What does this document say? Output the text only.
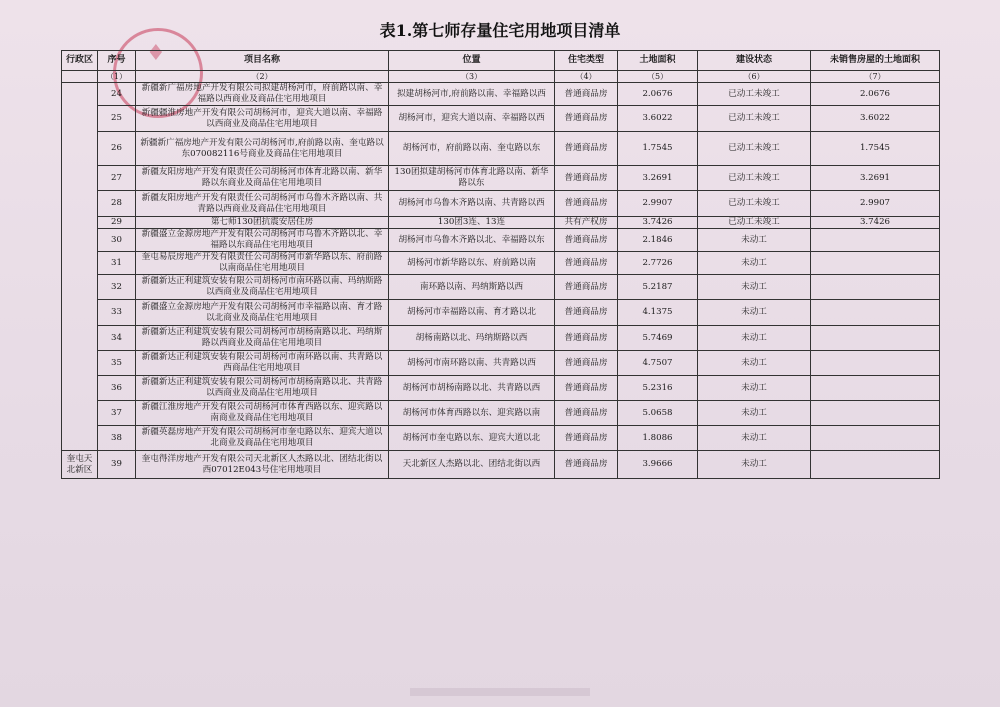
♦
表1.第七师存量住宅用地项目清单
行政区	序号	项目名称	位置	住宅类型	土地面积	建设状态	未销售房屋的土地面积
	（1）	（2）	（3）	（4）	（5）	（6）	（7）
	24	新疆新广福房地产开发有限公司拟建胡杨河市，府前路以南、幸福路以西商业及商品住宅用地项目	拟建胡杨河市,府前路以南、幸福路以西	普通商品房	2.0676	已动工未竣工	2.0676
	25	新疆疆淮房地产开发有限公司胡杨河市，迎宾大道以南、幸福路以西商业及商品住宅用地项目	胡杨河市，迎宾大道以南、幸福路以西	普通商品房	3.6022	已动工未竣工	3.6022
	26	新疆新广福房地产开发有限公司胡杨河市,府前路以南、奎屯路以东070082116号商业及商品住宅用地项目	胡杨河市，府前路以南、奎屯路以东	普通商品房	1.7545	已动工未竣工	1.7545
	27	新疆友阳房地产开发有限责任公司胡杨河市体育北路以南、新华路以东商业及商品住宅用地项目	130团拟建胡杨河市体育北路以南、新华路以东	普通商品房	3.2691	已动工未竣工	3.2691
	28	新疆友阳房地产开发有限责任公司胡杨河市乌鲁木齐路以南、共青路以西商业及商品住宅用地项目	胡杨河市乌鲁木齐路以南、共青路以西	普通商品房	2.9907	已动工未竣工	2.9907
	29	第七师130团抗震安居住房	130团3连、13连	共有产权房	3.7426	已动工未竣工	3.7426
	30	新疆盛立金源房地产开发有限公司胡杨河市乌鲁木齐路以北、幸福路以东商品住宅用地项目	胡杨河市乌鲁木齐路以北、幸福路以东	普通商品房	2.1846	未动工	
	31	奎屯易辰房地产开发有限责任公司胡杨河市新华路以东、府前路以南商品住宅用地项目	胡杨河市新华路以东、府前路以南	普通商品房	2.7726	未动工	
	32	新疆新达正利建筑安装有限公司胡杨河市南环路以南、玛纳斯路以西商业及商品住宅用地项目	南环路以南、玛纳斯路以西	普通商品房	5.2187	未动工	
	33	新疆盛立金源房地产开发有限公司胡杨河市幸福路以南、育才路以北商业及商品住宅用地项目	胡杨河市幸福路以南、育才路以北	普通商品房	4.1375	未动工	
	34	新疆新达正利建筑安装有限公司胡杨河市胡杨南路以北、玛纳斯路以西商业及商品住宅用地项目	胡杨南路以北、玛纳斯路以西	普通商品房	5.7469	未动工	
	35	新疆新达正利建筑安装有限公司胡杨河市南环路以南、共青路以西商品住宅用地项目	胡杨河市南环路以南、共青路以西	普通商品房	4.7507	未动工	
	36	新疆新达正利建筑安装有限公司胡杨河市胡杨南路以北、共青路以西商业及商品住宅用地项目	胡杨河市胡杨南路以北、共青路以西	普通商品房	5.2316	未动工	
	37	新疆江淮房地产开发有限公司胡杨河市体育西路以东、迎宾路以南商业及商品住宅用地项目	胡杨河市体育西路以东、迎宾路以南	普通商品房	5.0658	未动工	
	38	新疆英磊房地产开发有限公司胡杨河市奎屯路以东、迎宾大道以北商业及商品住宅用地项目	胡杨河市奎屯路以东、迎宾大道以北	普通商品房	1.8086	未动工	
奎屯天北新区	39	奎屯得洋房地产开发有限公司天北新区人杰路以北、团结北街以西07012E043号住宅用地项目	天北新区人杰路以北、团结北街以西	普通商品房	3.9666	未动工	
